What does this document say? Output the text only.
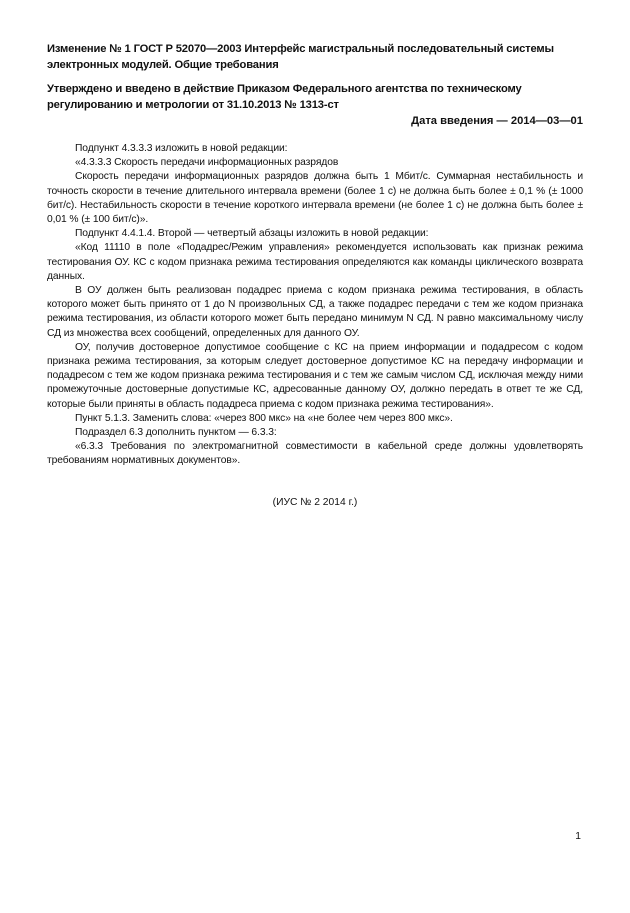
Изменение № 1 ГОСТ Р 52070—2003 Интерфейс магистральный последовательный системы электронных модулей. Общие требования
Утверждено и введено в действие Приказом Федерального агентства по техническому регулированию и метрологии от 31.10.2013 № 1313-ст
Дата введения — 2014—03—01

Подпункт 4.3.3.3 изложить в новой редакции:

«4.3.3.3 Скорость передачи информационных разрядов

Скорость передачи информационных разрядов должна быть 1 Мбит/с. Суммарная нестабильность и точность скорости в течение длительного интервала времени (более 1 с) не должна быть более ± 0,1 % (± 1000 бит/с). Нестабильность скорости в течение короткого интервала времени (не более 1 с) не должна быть более ± 0,01 % (± 100 бит/с)».

Подпункт 4.4.1.4. Второй — четвертый абзацы изложить в новой редакции:

«Код 11110 в поле «Подадрес/Режим управления» рекомендуется использовать как признак режима тестирования ОУ. КС с кодом признака режима тестирования определяются как команды циклического возврата данных.

В ОУ должен быть реализован подадрес приема с кодом признака режима тестирования, в область которого может быть принято от 1 до N произвольных СД, а также подадрес передачи с тем же кодом признака режима тестирования, из области которого может быть передано минимум N СД. N равно максимальному числу СД из множества всех сообщений, определенных для данного ОУ.

ОУ, получив достоверное допустимое сообщение с КС на прием информации и подадресом с кодом признака режима тестирования, за которым следует достоверное допустимое КС на передачу информации и подадресом с тем же кодом признака режима тестирования и с тем же самым числом СД, исключая между ними промежуточные достоверные допустимые КС, адресованные данному ОУ, должно передать в ответ те же СД, которые были приняты в область подадреса приема с кодом признака режима тестирования».

Пункт 5.1.3. Заменить слова: «через 800 мкс» на «не более чем через 800 мкс».

Подраздел 6.3 дополнить пунктом — 6.3.3:

«6.3.3 Требования по электромагнитной совместимости в кабельной среде должны удовлетворять требованиям нормативных документов».

(ИУС № 2 2014 г.)
1
